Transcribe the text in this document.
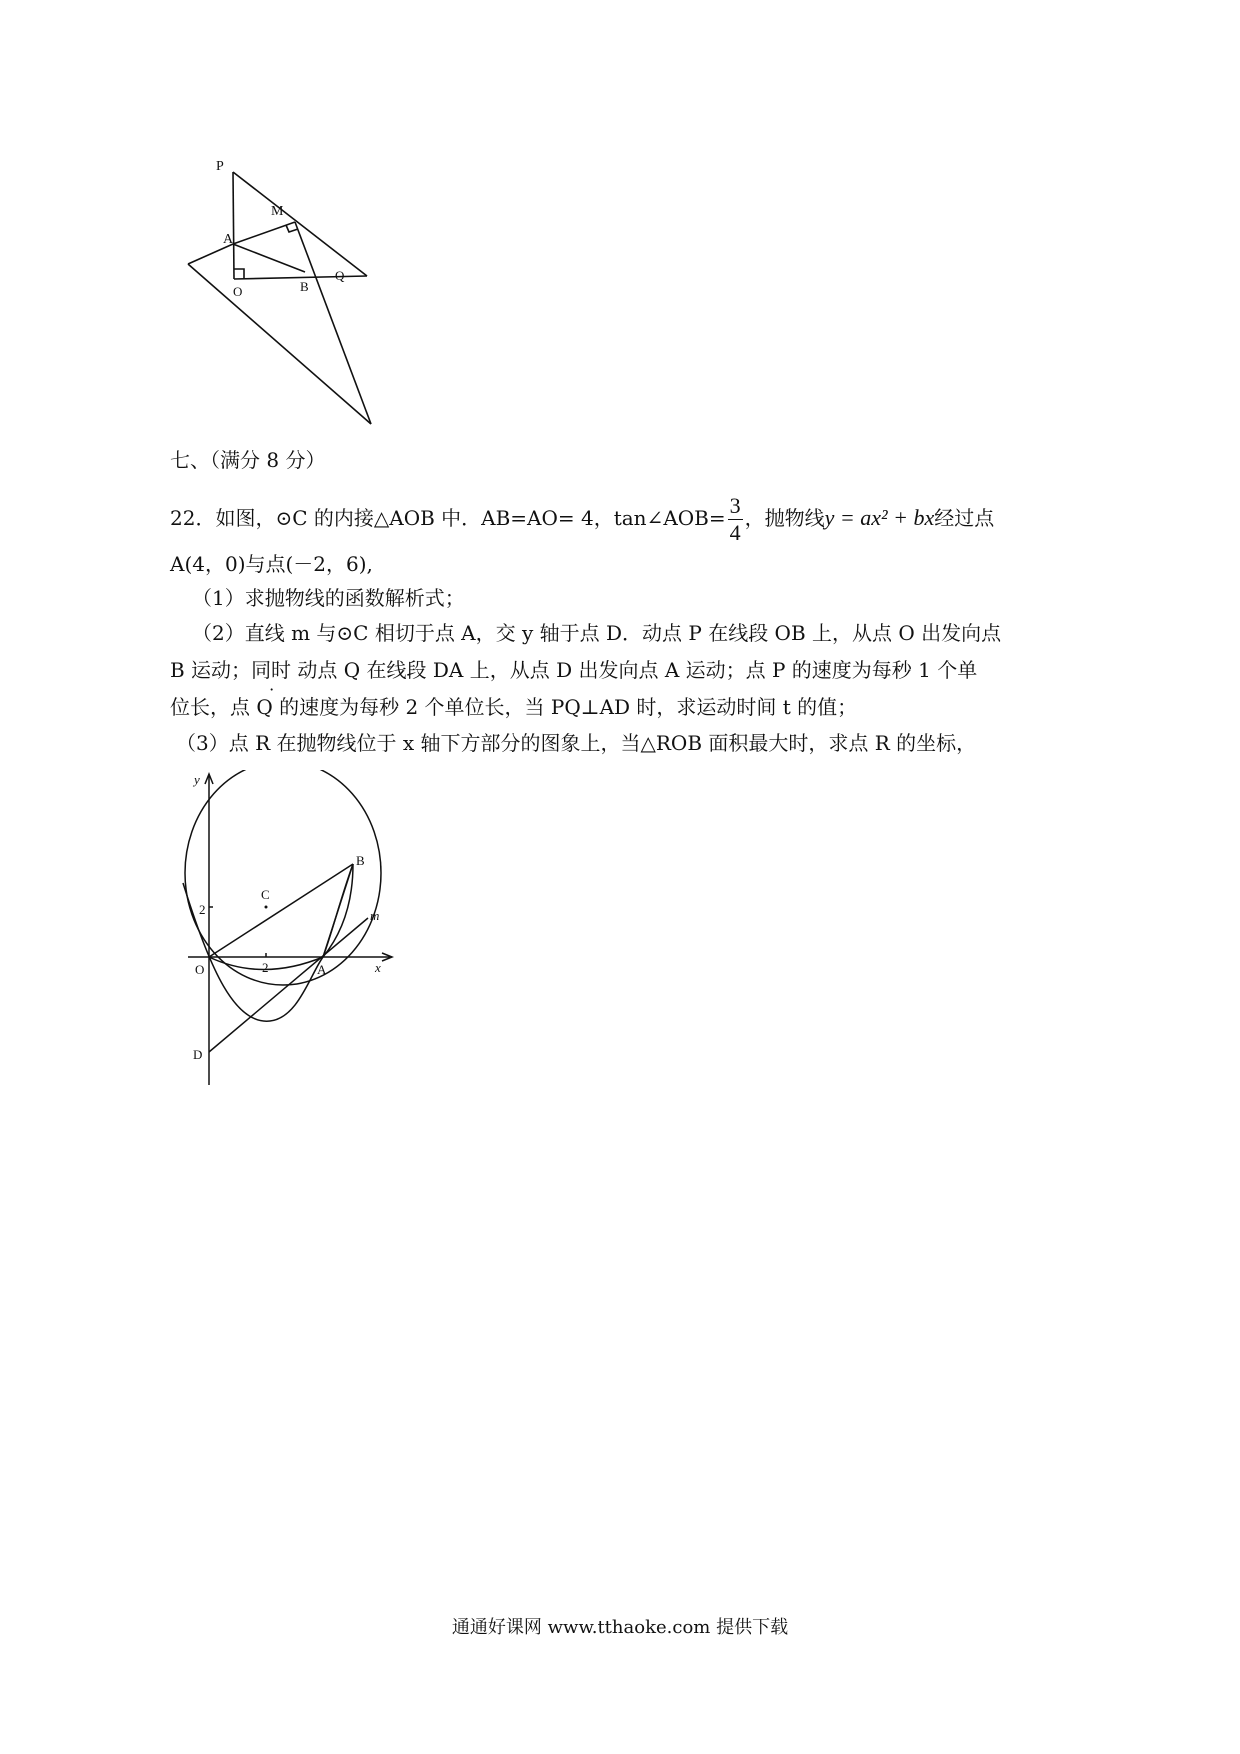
P
M
A
O	B
Q
七、（满分 8 分）
22．如图，⊙C 的内接△AOB 中．AB=AO= 4，tan∠AOB= $\frac{3}{4}$ ，抛物线y = ax² + bx经过点
A(4，0)与点(－2，6),
（1）求抛物线的函数解析式；
（2）直线 m 与⊙C 相切于点 A，交 y 轴于点 D．动点 P 在线段 OB 上，从点 O 出发向点
B 运动；同时 动点 Q 在线段 DA 上，从点 D 出发向点 A 运动；点 P 的速度为每秒 1 个单
位长，点 Q 的速度为每秒 2 个单位长，当 PQ⊥AD 时，求运动时间 t 的值；
（3）点 R 在抛物线位于 x 轴下方部分的图象上，当△ROB 面积最大时，求点 R 的坐标，
y
x
B
C
2
2
m
O	A
D
通通好课网 www.tthaoke.com 提供下载
